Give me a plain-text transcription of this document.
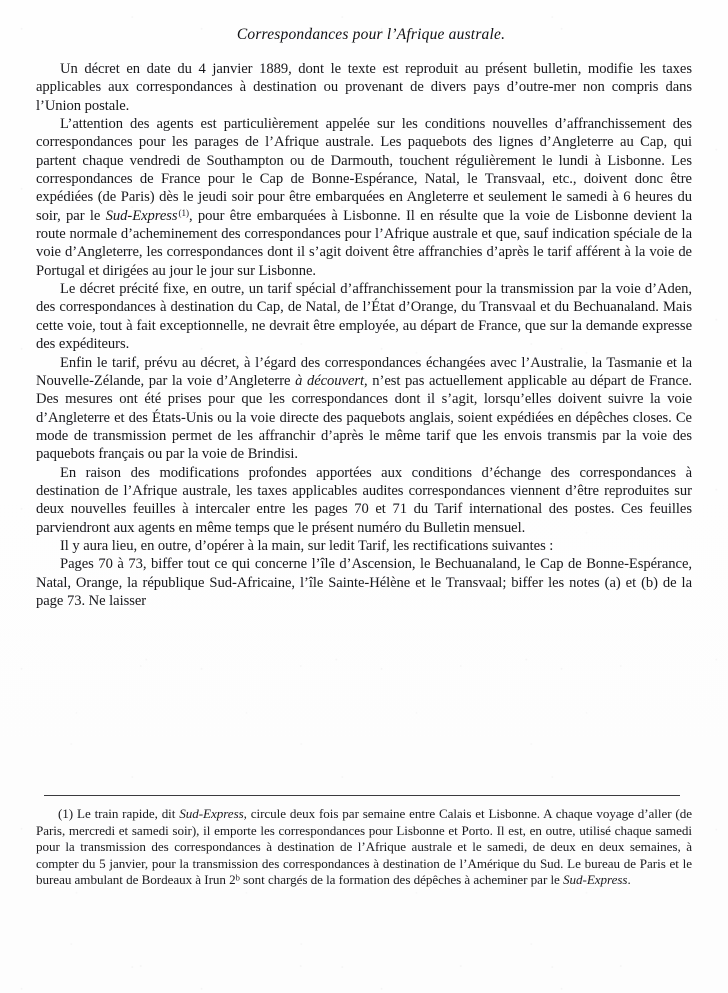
Correspondances pour l’Afrique australe.

Un décret en date du 4 janvier 1889, dont le texte est reproduit au présent bulletin, modifie les taxes applicables aux correspondances à destination ou provenant de divers pays d’outre-mer non compris dans l’Union postale.

L’attention des agents est particulièrement appelée sur les conditions nouvelles d’affranchissement des correspondances pour les parages de l’Afrique australe. Les paquebots des lignes d’Angleterre au Cap, qui partent chaque vendredi de Southampton ou de Darmouth, touchent régulièrement le lundi à Lisbonne. Les correspondances de France pour le Cap de Bonne-Espérance, Natal, le Transvaal, etc., doivent donc être expédiées (de Paris) dès le jeudi soir pour être embarquées en Angleterre et seulement le samedi à 6 heures du soir, par le Sud-Express$^{(1)}$, pour être embarquées à Lisbonne. Il en résulte que la voie de Lisbonne devient la route normale d’acheminement des correspondances pour l’Afrique australe et que, sauf indication spéciale de la voie d’Angleterre, les correspondances dont il s’agit doivent être affranchies d’après le tarif afférent à la voie de Portugal et dirigées au jour le jour sur Lisbonne.

Le décret précité fixe, en outre, un tarif spécial d’affranchissement pour la transmission par la voie d’Aden, des correspondances à destination du Cap, de Natal, de l’État d’Orange, du Transvaal et du Bechuanaland. Mais cette voie, tout à fait exceptionnelle, ne devrait être employée, au départ de France, que sur la demande expresse des expéditeurs.

Enfin le tarif, prévu au décret, à l’égard des correspondances échangées avec l’Australie, la Tasmanie et la Nouvelle-Zélande, par la voie d’Angleterre à découvert, n’est pas actuellement applicable au départ de France. Des mesures ont été prises pour que les correspondances dont il s’agit, lorsqu’elles doivent suivre la voie d’Angleterre et des États-Unis ou la voie directe des paquebots anglais, soient expédiées en dépêches closes. Ce mode de transmission permet de les affranchir d’après le même tarif que les envois transmis par la voie des paquebots français ou par la voie de Brindisi.

En raison des modifications profondes apportées aux conditions d’échange des correspondances à destination de l’Afrique australe, les taxes applicables audites correspondances viennent d’être reproduites sur deux nouvelles feuilles à intercaler entre les pages 70 et 71 du Tarif international des postes. Ces feuilles parviendront aux agents en même temps que le présent numéro du Bulletin mensuel.

Il y aura lieu, en outre, d’opérer à la main, sur ledit Tarif, les rectifications suivantes :

Pages 70 à 73, biffer tout ce qui concerne l’île d’Ascension, le Bechuanaland, le Cap de Bonne-Espérance, Natal, Orange, la république Sud-Africaine, l’île Sainte-Hélène et le Transvaal; biffer les notes (a) et (b) de la page 73. Ne laisser

(1) Le train rapide, dit Sud-Express, circule deux fois par semaine entre Calais et Lisbonne. A chaque voyage d’aller (de Paris, mercredi et samedi soir), il emporte les correspondances pour Lisbonne et Porto. Il est, en outre, utilisé chaque samedi pour la transmission des correspondances à destination de l’Afrique australe et le samedi, de deux en deux semaines, à compter du 5 janvier, pour la transmission des correspondances à destination de l’Amérique du Sud. Le bureau de Paris et le bureau ambulant de Bordeaux à Irun 2$^b$ sont chargés de la formation des dépêches à acheminer par le Sud-Express.
